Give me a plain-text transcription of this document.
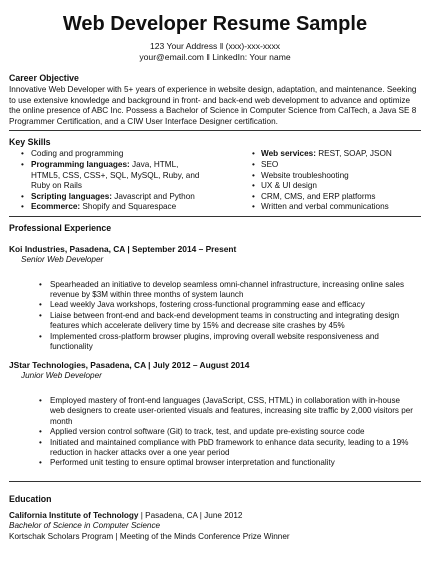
Web Developer Resume Sample
123 Your Address ‖ (xxx)-xxx-xxxx
your@email.com ‖ LinkedIn: Your name
Career Objective
Innovative Web Developer with 5+ years of experience in website design, adaptation, and maintenance. Seeking to use extensive knowledge and background in front- and back-end web development to advance and optimize the online presence of ABC Inc. Possess a Bachelor of Science in Computer Science from CalTech, a Java SE 8 Programmer Certification, and a CIW User Interface Designer certification.
Key Skills
• Coding and programming
• Programming languages: Java, HTML, HTML5, CSS, CSS+, SQL, MySQL, Ruby, and Ruby on Rails
• Scripting languages: Javascript and Python
• Ecommerce: Shopify and Squarespace
• Web services: REST, SOAP, JSON
• SEO
• Website troubleshooting
• UX & UI design
• CRM, CMS, and ERP platforms
• Written and verbal communications
Professional Experience
Koi Industries, Pasadena, CA | September 2014 – Present
Senior Web Developer
• Spearheaded an initiative to develop seamless omni-channel infrastructure, increasing online sales revenue by $3M within three months of system launch
• Lead weekly Java workshops, fostering cross-functional programming ease and efficacy
• Liaise between front-end and back-end development teams in constructing and integrating design features which accelerate delivery time by 15% and decrease site crashes by 45%
• Implemented cross-platform browser plugins, improving overall website responsiveness and functionality
JStar Technologies, Pasadena, CA | July 2012 – August 2014
Junior Web Developer
• Employed mastery of front-end languages (JavaScript, CSS, HTML) in collaboration with in-house web designers to create user-oriented visuals and features, increasing site traffic by 2,000 visitors per month
• Applied version control software (Git) to track, test, and update pre-existing source code
• Initiated and maintained compliance with PbD framework to enhance data security, leading to a 19% reduction in hacker attacks over a one year period
• Performed unit testing to ensure optimal browser interpretation and functionality
Education
California Institute of Technology | Pasadena, CA | June 2012
Bachelor of Science in Computer Science
Kortschak Scholars Program | Meeting of the Minds Conference Prize Winner
